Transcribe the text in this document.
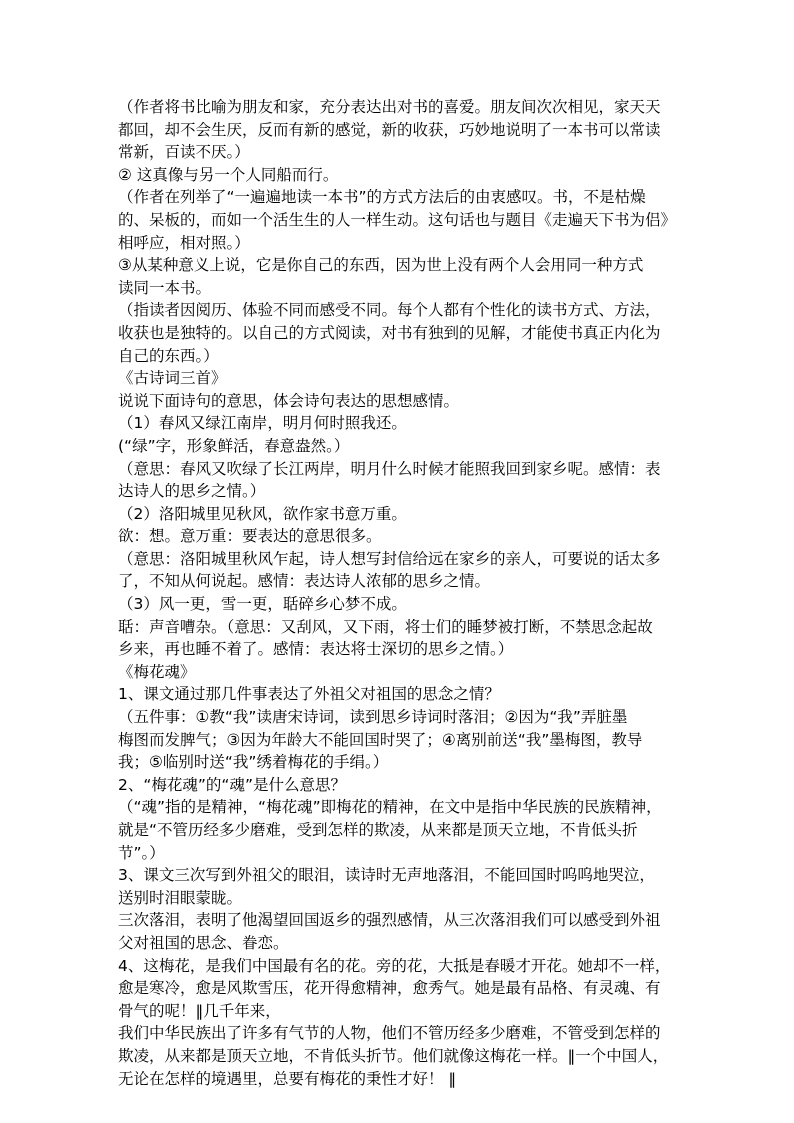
（作者将书比喻为朋友和家，充分表达出对书的喜爱。朋友间次次相见，家天天
都回，却不会生厌，反而有新的感觉，新的收获，巧妙地说明了一本书可以常读
常新，百读不厌。）
② 这真像与另一个人同船而行。
（作者在列举了“一遍遍地读一本书”的方式方法后的由衷感叹。书，不是枯燥
的、呆板的，而如一个活生生的人一样生动。这句话也与题目《走遍天下书为侣》
相呼应，相对照。）
③从某种意义上说，它是你自己的东西，因为世上没有两个人会用同一种方式
读同一本书。
（指读者因阅历、体验不同而感受不同。每个人都有个性化的读书方式、方法，
收获也是独特的。以自己的方式阅读，对书有独到的见解，才能使书真正内化为
自己的东西。）
《古诗词三首》
说说下面诗句的意思，体会诗句表达的思想感情。
（1）春风又绿江南岸，明月何时照我还。
(“绿”字，形象鲜活，春意盎然。）
（意思：春风又吹绿了长江两岸，明月什么时候才能照我回到家乡呢。感情：表
达诗人的思乡之情。）
（2）洛阳城里见秋风，欲作家书意万重。
欲：想。意万重：要表达的意思很多。
（意思：洛阳城里秋风乍起，诗人想写封信给远在家乡的亲人，可要说的话太多
了，不知从何说起。感情：表达诗人浓郁的思乡之情。
（3）风一更，雪一更，聒碎乡心梦不成。
聒：声音嘈杂。（意思：又刮风，又下雨，将士们的睡梦被打断，不禁思念起故
乡来，再也睡不着了。感情：表达将士深切的思乡之情。）
《梅花魂》
1、课文通过那几件事表达了外祖父对祖国的思念之情？
（五件事：①教“我”读唐宋诗词，读到思乡诗词时落泪；②因为“我”弄脏墨
梅图而发脾气；③因为年龄大不能回国时哭了；④离别前送“我”墨梅图，教导
我；⑤临别时送“我”绣着梅花的手绢。）
2、“梅花魂”的“魂”是什么意思？
（“魂”指的是精神，“梅花魂”即梅花的精神，在文中是指中华民族的民族精神，
就是“不管历经多少磨难，受到怎样的欺凌，从来都是顶天立地，不肯低头折
节”。）
3、课文三次写到外祖父的眼泪，读诗时无声地落泪，不能回国时呜呜地哭泣，
送别时泪眼蒙眬。
三次落泪，表明了他渴望回国返乡的强烈感情，从三次落泪我们可以感受到外祖
父对祖国的思念、眷恋。
4、这梅花，是我们中国最有名的花。旁的花，大抵是春暖才开花。她却不一样，
愈是寒冷，愈是风欺雪压，花开得愈精神，愈秀气。她是最有品格、有灵魂、有
骨气的呢！‖几千年来，
我们中华民族出了许多有气节的人物，他们不管历经多少磨难，不管受到怎样的
欺凌，从来都是顶天立地，不肯低头折节。他们就像这梅花一样。‖一个中国人，
无论在怎样的境遇里，总要有梅花的秉性才好！ ‖
